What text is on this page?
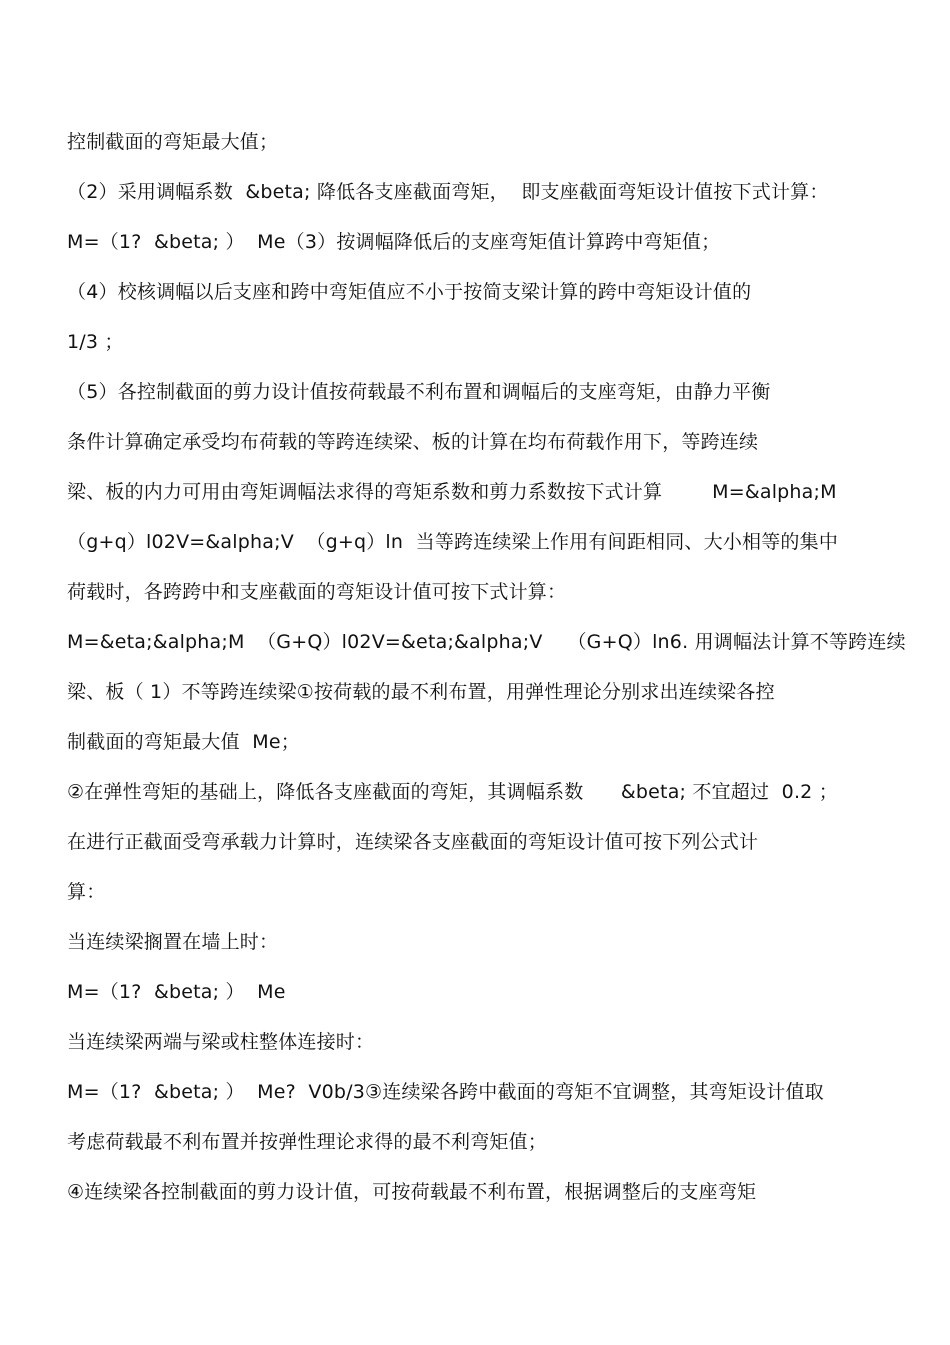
控制截面的弯矩最大值；
（2）采用调幅系数  &beta; 降低各支座截面弯矩，  即支座截面弯矩设计值按下式计算：
M=（1?  &beta; ）  Me（3）按调幅降低后的支座弯矩值计算跨中弯矩值；
（4）校核调幅以后支座和跨中弯矩值应不小于按简支梁计算的跨中弯矩设计值的
1/3 ；
（5）各控制截面的剪力设计值按荷载最不利布置和调幅后的支座弯矩，由静力平衡
条件计算确定承受均布荷载的等跨连续梁、板的计算在均布荷载作用下，等跨连续
梁、板的内力可用由弯矩调幅法求得的弯矩系数和剪力系数按下式计算        M=&alpha;M
（g+q）l02V=&alpha;V  （g+q）ln  当等跨连续梁上作用有间距相同、大小相等的集中
荷载时，各跨跨中和支座截面的弯矩设计值可按下式计算：
M=&eta;&alpha;M  （G+Q）l02V=&eta;&alpha;V    （G+Q）ln6. 用调幅法计算不等跨连续
梁、板（ 1）不等跨连续梁①按荷载的最不利布置，用弹性理论分别求出连续梁各控
制截面的弯矩最大值  Me；
②在弹性弯矩的基础上，降低各支座截面的弯矩，其调幅系数      &beta; 不宜超过  0.2 ；
在进行正截面受弯承载力计算时，连续梁各支座截面的弯矩设计值可按下列公式计
算：
当连续梁搁置在墙上时：
M=（1?  &beta; ）  Me
当连续梁两端与梁或柱整体连接时：
M=（1?  &beta; ）  Me?  V0b/3③连续梁各跨中截面的弯矩不宜调整，其弯矩设计值取
考虑荷载最不利布置并按弹性理论求得的最不利弯矩值；
④连续梁各控制截面的剪力设计值，可按荷载最不利布置，根据调整后的支座弯矩
